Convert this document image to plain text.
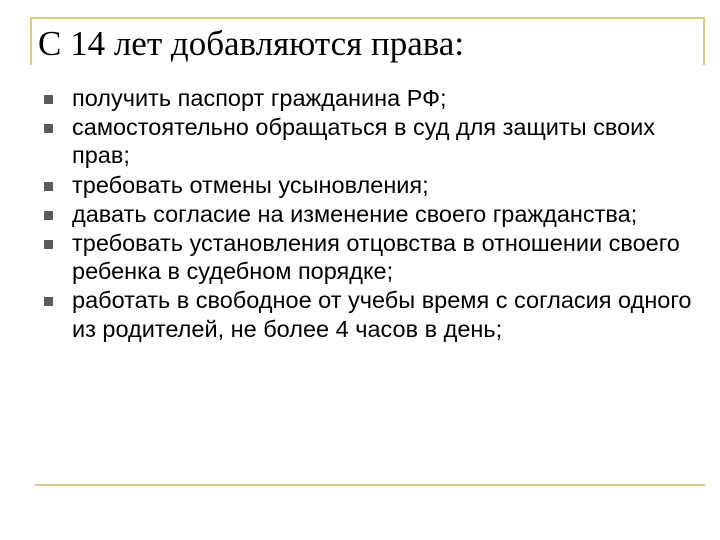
С 14 лет добавляются права:
получить паспорт гражданина РФ;
самостоятельно обращаться в суд для защиты своих прав;
требовать отмены усыновления;
давать согласие на изменение своего гражданства;
требовать установления отцовства в отношении своего ребенка в судебном порядке;
работать в свободное от учебы время с согласия одного из родителей, не более 4 часов в день;
